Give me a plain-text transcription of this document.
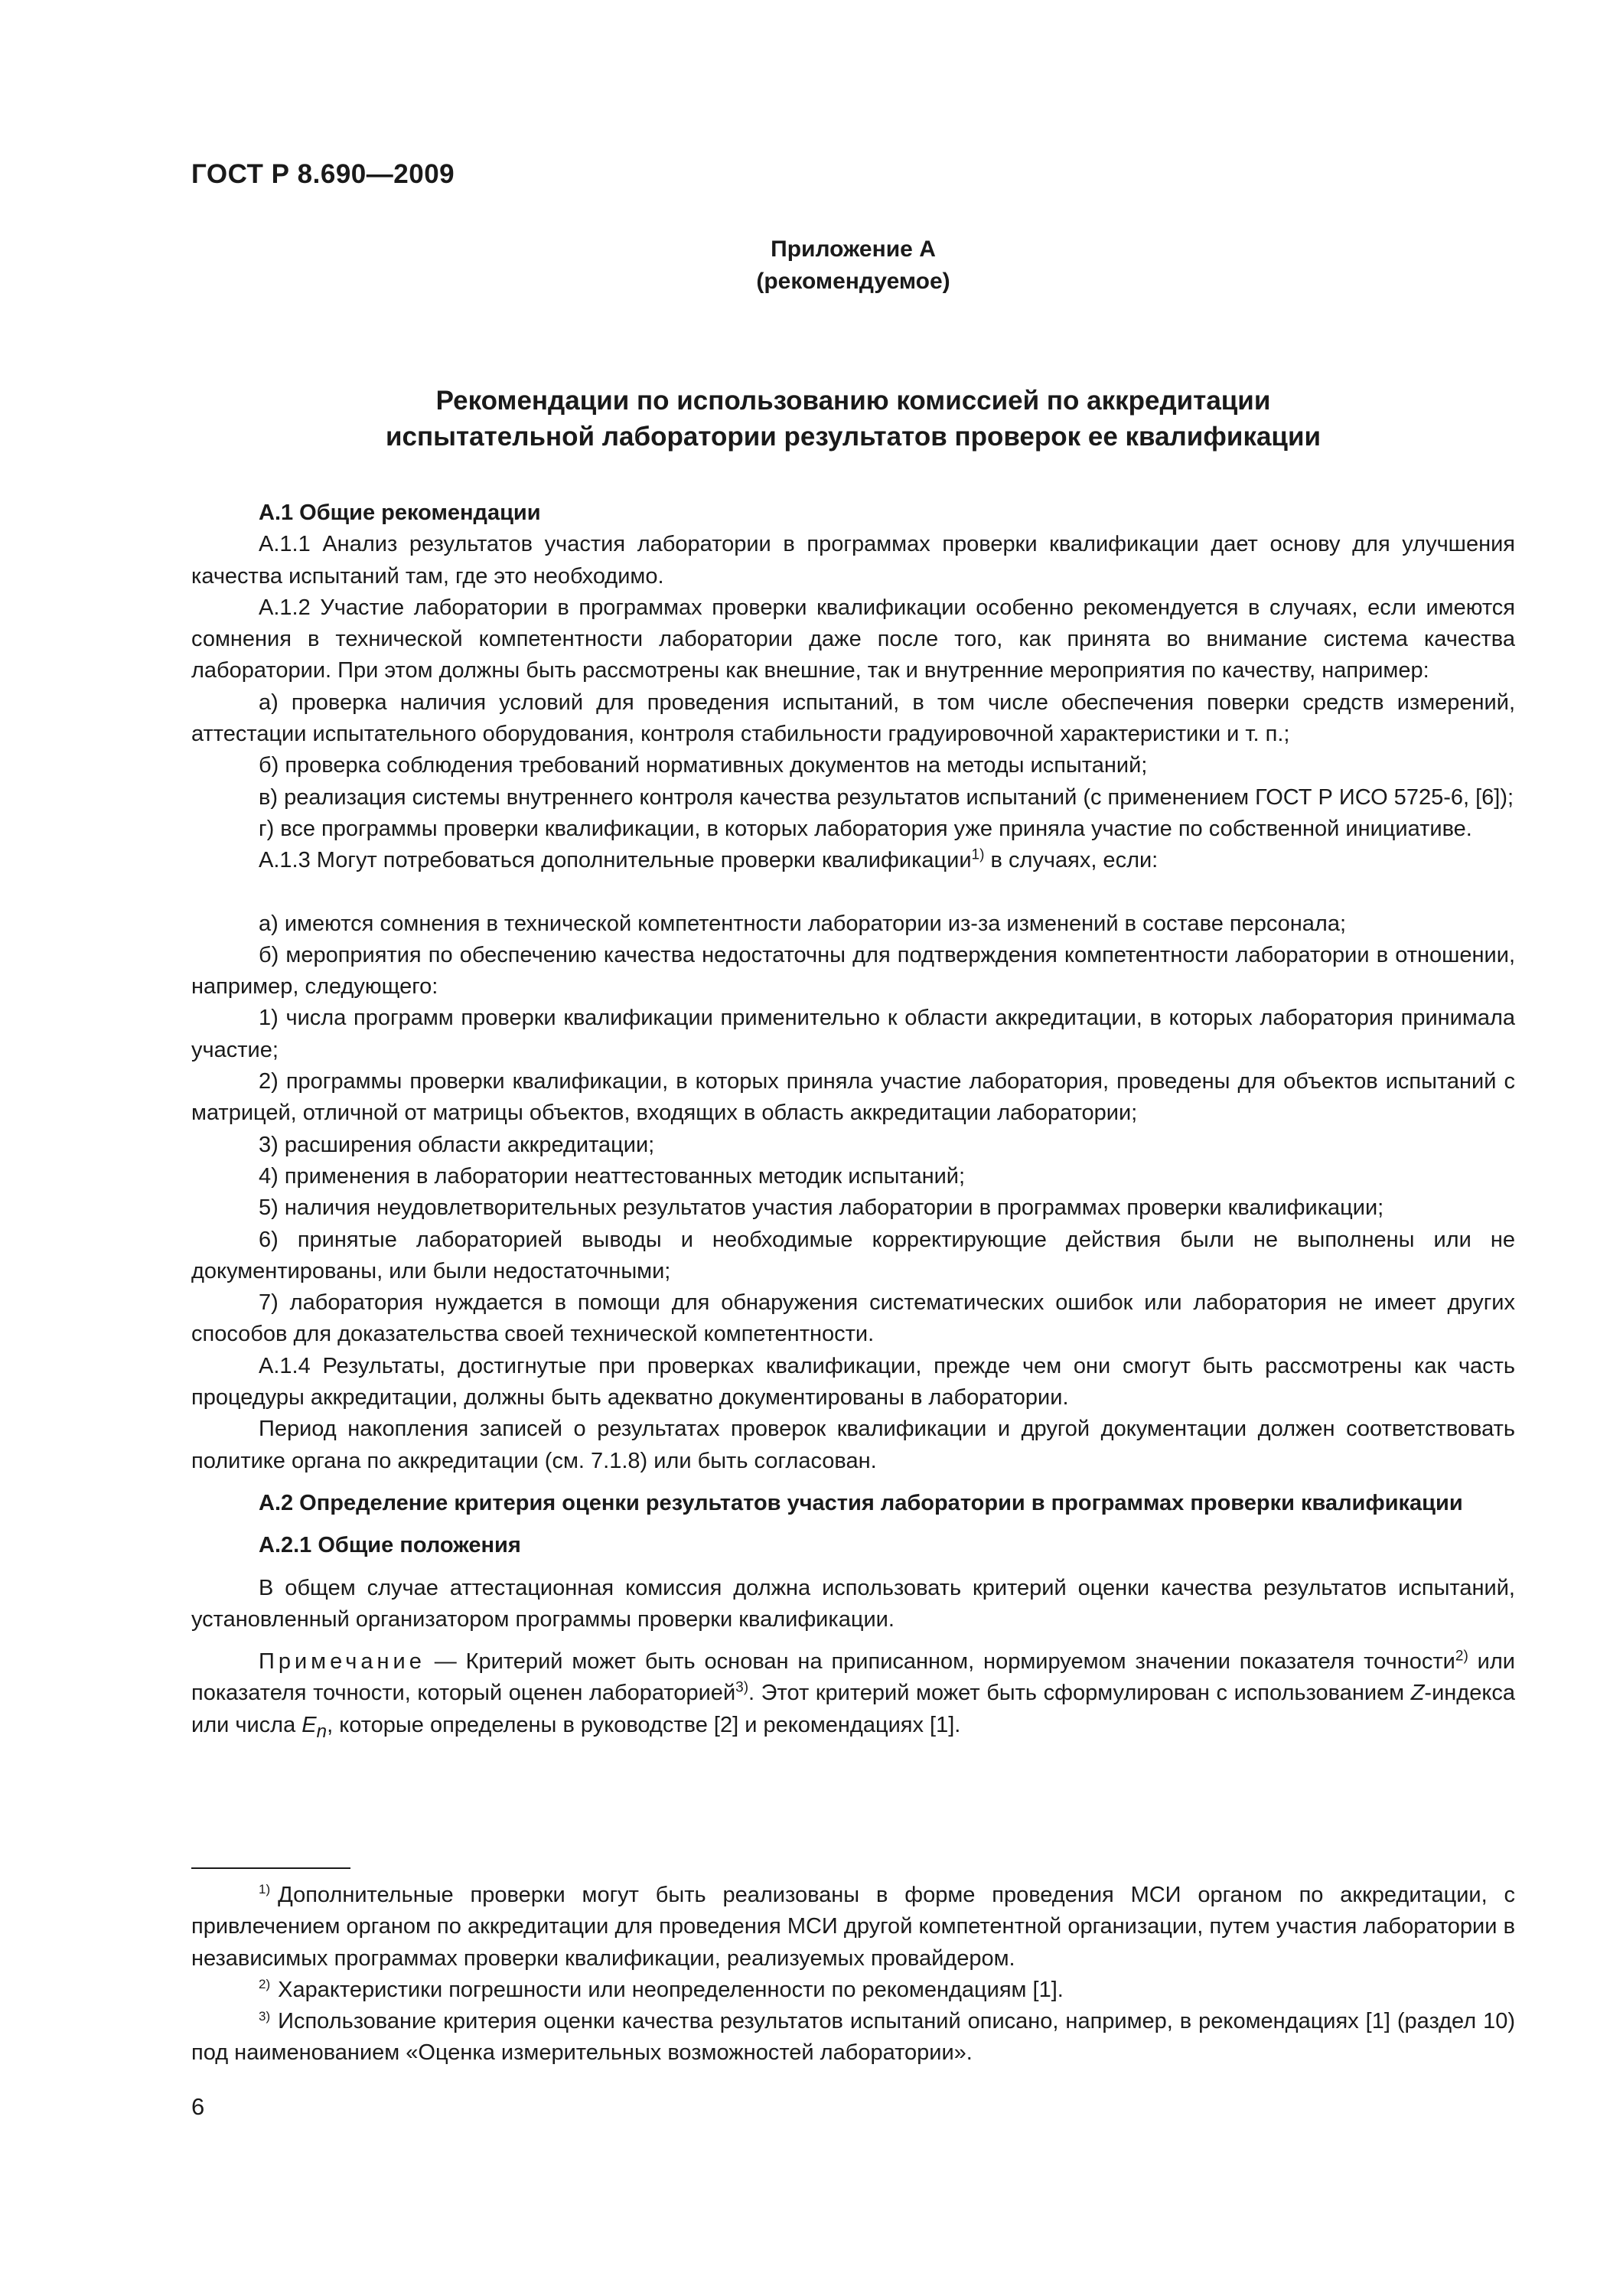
ГОСТ Р 8.690—2009
Приложение А
(рекомендуемое)
Рекомендации по использованию комиссией по аккредитации
испытательной лаборатории результатов проверок ее квалификации

А.1 Общие рекомендации

А.1.1 Анализ результатов участия лаборатории в программах проверки квалификации дает основу для улучшения качества испытаний там, где это необходимо.

А.1.2 Участие лаборатории в программах проверки квалификации особенно рекомендуется в случаях, если имеются сомнения в технической компетентности лаборатории даже после того, как принята во внимание система качества лаборатории. При этом должны быть рассмотрены как внешние, так и внутренние мероприятия по качеству, например:

а) проверка наличия условий для проведения испытаний, в том числе обеспечения поверки средств измерений, аттестации испытательного оборудования, контроля стабильности градуировочной характеристики и т. п.;

б) проверка соблюдения требований нормативных документов на методы испытаний;

в) реализация системы внутреннего контроля качества результатов испытаний (с применением ГОСТ Р ИСО 5725-6, [6]);

г) все программы проверки квалификации, в которых лаборатория уже приняла участие по собственной инициативе.

А.1.3 Могут потребоваться дополнительные проверки квалификации$^{1)}$ в случаях, если:

а) имеются сомнения в технической компетентности лаборатории из-за изменений в составе персонала;

б) мероприятия по обеспечению качества недостаточны для подтверждения компетентности лаборатории в отношении, например, следующего:

1) числа программ проверки квалификации применительно к области аккредитации, в которых лаборатория принимала участие;

2) программы проверки квалификации, в которых приняла участие лаборатория, проведены для объектов испытаний с матрицей, отличной от матрицы объектов, входящих в область аккредитации лаборатории;

3) расширения области аккредитации;

4) применения в лаборатории неаттестованных методик испытаний;

5) наличия неудовлетворительных результатов участия лаборатории в программах проверки квалификации;

6) принятые лабораторией выводы и необходимые корректирующие действия были не выполнены или не документированы, или были недостаточными;

7) лаборатория нуждается в помощи для обнаружения систематических ошибок или лаборатория не имеет других способов для доказательства своей технической компетентности.

А.1.4 Результаты, достигнутые при проверках квалификации, прежде чем они смогут быть рассмотрены как часть процедуры аккредитации, должны быть адекватно документированы в лаборатории.

Период накопления записей о результатах проверок квалификации и другой документации должен соответствовать политике органа по аккредитации (см. 7.1.8) или быть согласован.

А.2 Определение критерия оценки результатов участия лаборатории в программах проверки квалификации

А.2.1 Общие положения

В общем случае аттестационная комиссия должна использовать критерий оценки качества результатов испытаний, установленный организатором программы проверки квалификации.

Примечание — Критерий может быть основан на приписанном, нормируемом значении показателя точности$^{2)}$ или показателя точности, который оценен лабораторией$^{3)}$. Этот критерий может быть сформулирован с использованием Z-индекса или числа $E_n$, которые определены в руководстве [2] и рекомендациях [1].

$^{1)}$ Дополнительные проверки могут быть реализованы в форме проведения МСИ органом по аккредитации, с привлечением органом по аккредитации для проведения МСИ другой компетентной организации, путем участия лаборатории в независимых программах проверки квалификации, реализуемых провайдером.

$^{2)}$ Характеристики погрешности или неопределенности по рекомендациям [1].

$^{3)}$ Использование критерия оценки качества результатов испытаний описано, например, в рекомендациях [1] (раздел 10) под наименованием «Оценка измерительных возможностей лаборатории».

6
